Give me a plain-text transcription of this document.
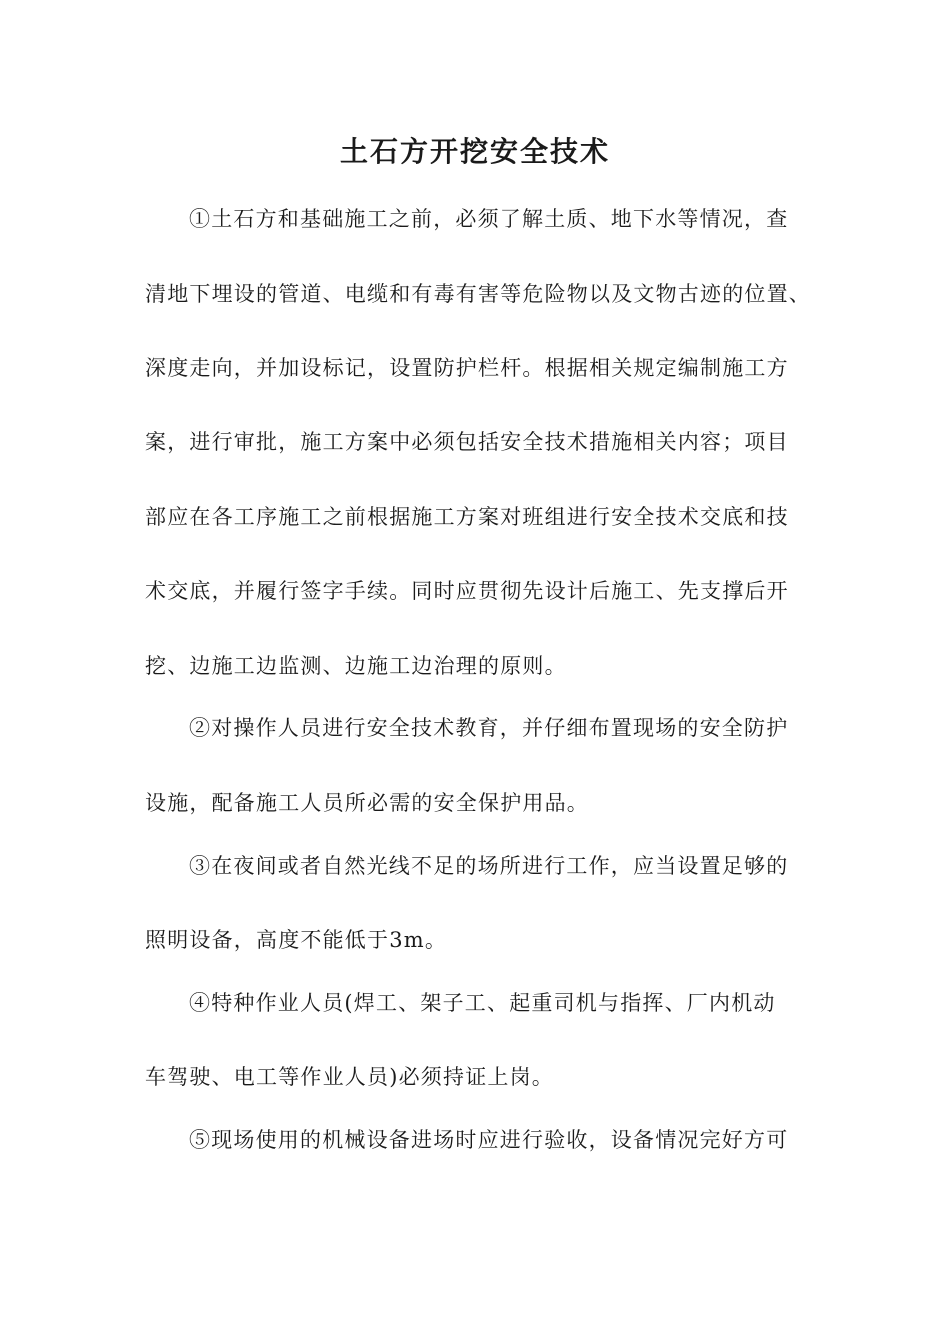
土石方开挖安全技术
①土石方和基础施工之前，必须了解土质、地下水等情况，查
清地下埋设的管道、电缆和有毒有害等危险物以及文物古迹的位置、
深度走向，并加设标记，设置防护栏杆。根据相关规定编制施工方
案，进行审批，施工方案中必须包括安全技术措施相关内容；项目
部应在各工序施工之前根据施工方案对班组进行安全技术交底和技
术交底，并履行签字手续。同时应贯彻先设计后施工、先支撑后开
挖、边施工边监测、边施工边治理的原则。
②对操作人员进行安全技术教育，并仔细布置现场的安全防护
设施，配备施工人员所必需的安全保护用品。
③在夜间或者自然光线不足的场所进行工作，应当设置足够的
照明设备，高度不能低于3m。
④特种作业人员(焊工、架子工、起重司机与指挥、厂内机动
车驾驶、电工等作业人员)必须持证上岗。
⑤现场使用的机械设备进场时应进行验收，设备情况完好方可
